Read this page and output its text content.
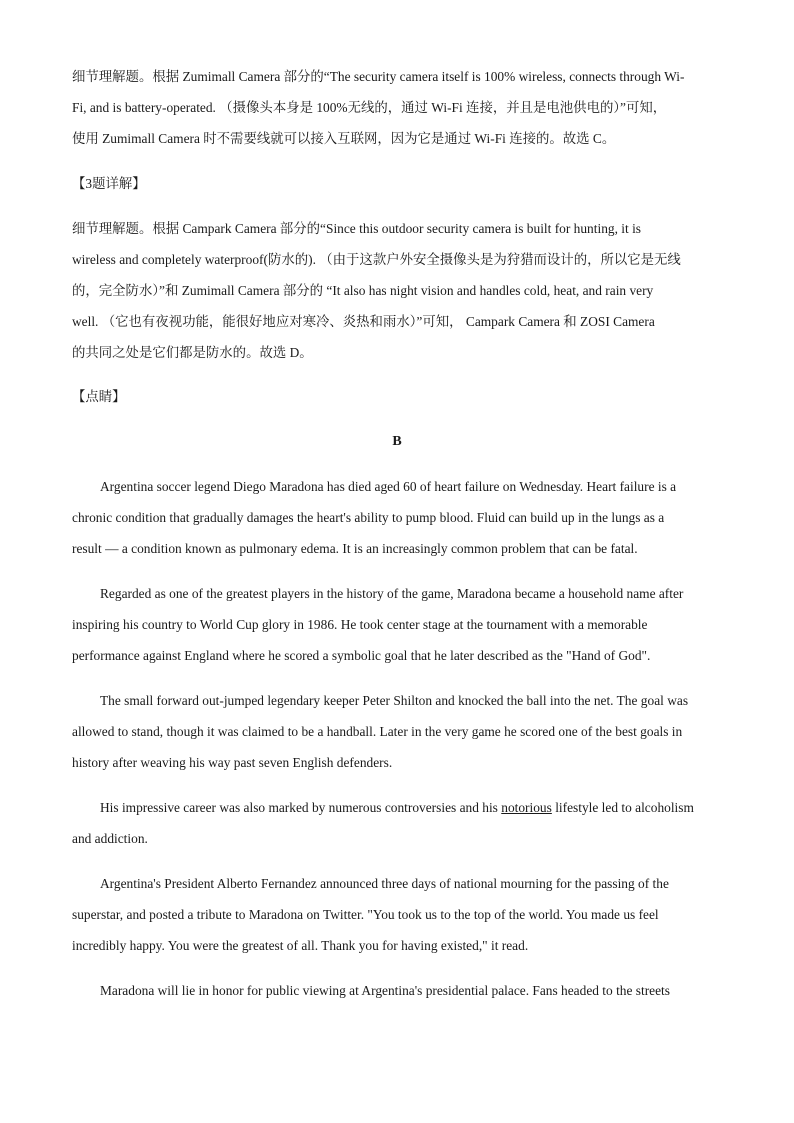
细节理解题。根据 Zumimall Camera 部分的“The security camera itself is 100% wireless, connects through Wi-
Fi, and is battery-operated. （摄像头本身是 100%无线的，通过 Wi-Fi 连接，并且是电池供电的）”可知，
使用 Zumimall Camera 时不需要线就可以接入互联网，因为它是通过 Wi-Fi 连接的。故选 C。
【3题详解】
细节理解题。根据 Campark Camera 部分的“Since this outdoor security camera is built for hunting, it is
wireless and completely waterproof(防水的). （由于这款户外安全摄像头是为狩猎而设计的，所以它是无线
的，完全防水）”和 Zumimall Camera 部分的 “It also has night vision and handles cold, heat, and rain very
well. （它也有夜视功能，能很好地应对寒冷、炎热和雨水）”可知， Campark Camera 和 ZOSI Camera
的共同之处是它们都是防水的。故选 D。
【点睛】
B
Argentina soccer legend Diego Maradona has died aged 60 of heart failure on Wednesday. Heart failure is a
chronic condition that gradually damages the heart's ability to pump blood. Fluid can build up in the lungs as a
result — a condition known as pulmonary edema. It is an increasingly common problem that can be fatal.
Regarded as one of the greatest players in the history of the game, Maradona became a household name after
inspiring his country to World Cup glory in 1986. He took center stage at the tournament with a memorable
performance against England where he scored a symbolic goal that he later described as the "Hand of God".
The small forward out-jumped legendary keeper Peter Shilton and knocked the ball into the net. The goal was
allowed to stand, though it was claimed to be a handball. Later in the very game he scored one of the best goals in
history after weaving his way past seven English defenders.
His impressive career was also marked by numerous controversies and his notorious lifestyle led to alcoholism
and addiction.
Argentina's President Alberto Fernandez announced three days of national mourning for the passing of the
superstar, and posted a tribute to Maradona on Twitter. "You took us to the top of the world. You made us feel
incredibly happy. You were the greatest of all. Thank you for having existed," it read.
Maradona will lie in honor for public viewing at Argentina's presidential palace. Fans headed to the streets
